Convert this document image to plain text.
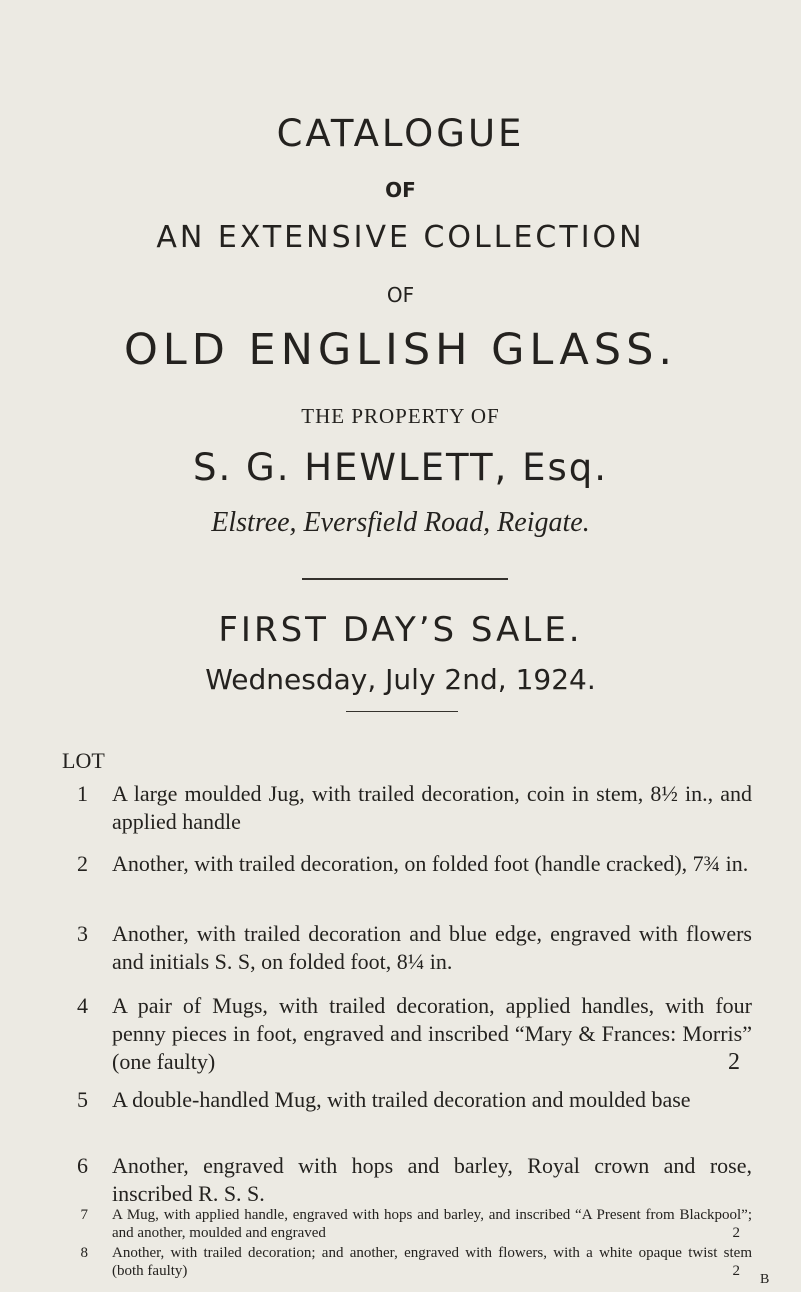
CATALOGUE
OF
AN EXTENSIVE COLLECTION
OF
OLD ENGLISH GLASS.
THE PROPERTY OF
S. G. HEWLETT, Esq.
Elstree, Eversfield Road, Reigate.
FIRST DAY’S SALE.
Wednesday, July 2nd, 1924.
LOT
1 A large moulded Jug, with trailed decoration, coin in stem, 8½ in., and applied handle
2 Another, with trailed decoration, on folded foot (handle cracked), 7¾ in.
3 Another, with trailed decoration and blue edge, engraved with flowers and initials S. S, on folded foot, 8¼ in.
4 A pair of Mugs, with trailed decoration, applied handles, with four penny pieces in foot, engraved and inscribed “Mary & Frances: Morris” (one faulty)	2
5 A double-handled Mug, with trailed decoration and moulded base
6 Another, engraved with hops and barley, Royal crown and rose, inscribed R. S. S.
7 A Mug, with applied handle, engraved with hops and barley, and inscribed “A Present from Blackpool”; and another, moulded and engraved	2
8 Another, with trailed decoration; and another, engraved with flowers, with a white opaque twist stem (both faulty)	2
B
